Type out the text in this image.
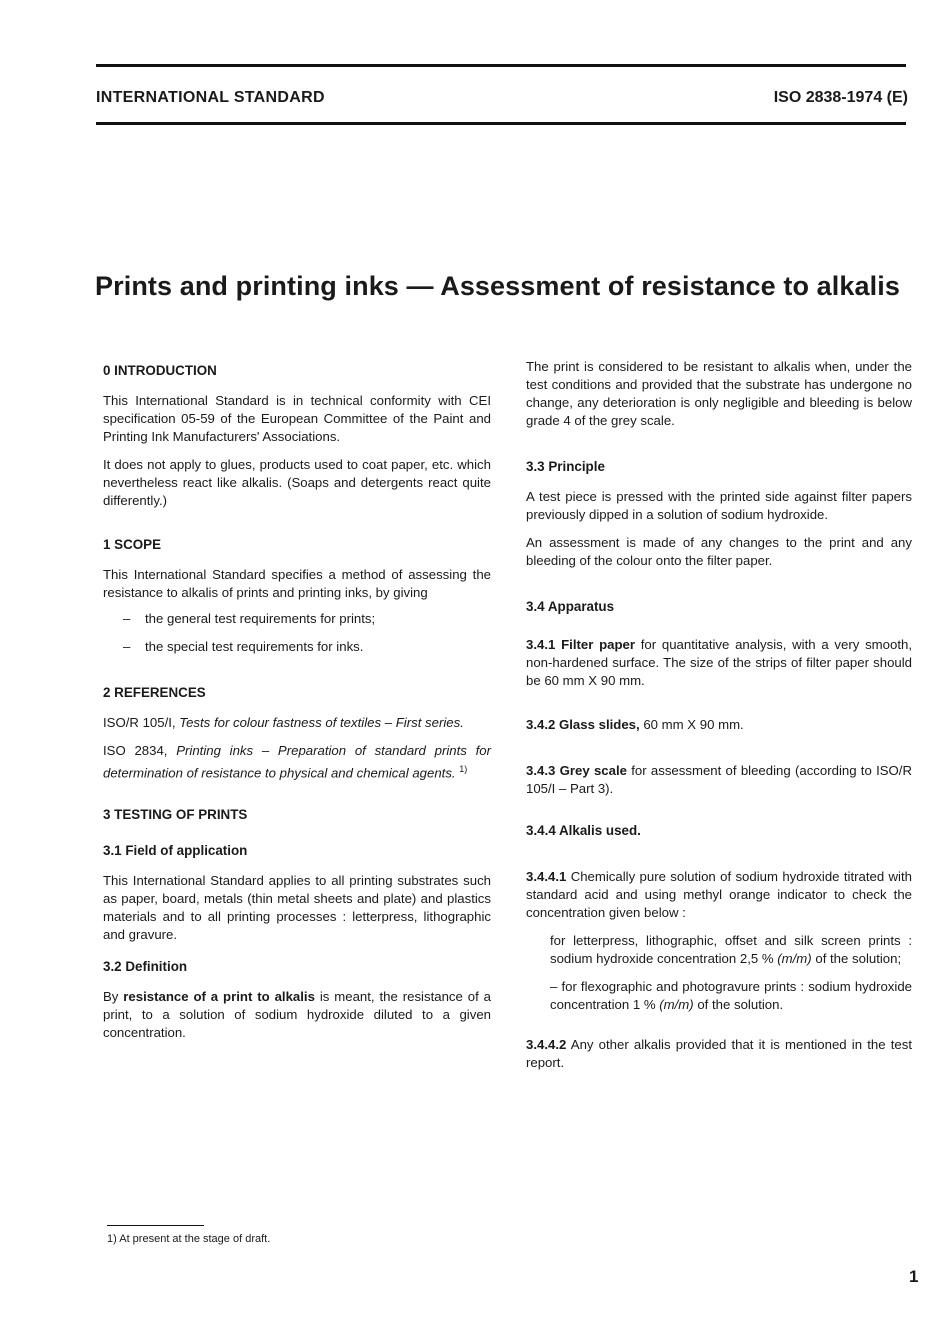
INTERNATIONAL STANDARD	ISO 2838-1974 (E)
Prints and printing inks — Assessment of resistance to alkalis
0 INTRODUCTION

This International Standard is in technical conformity with CEI specification 05-59 of the European Committee of the Paint and Printing Ink Manufacturers' Associations.

It does not apply to glues, products used to coat paper, etc. which nevertheless react like alkalis. (Soaps and detergents react quite differently.)

1 SCOPE

This International Standard specifies a method of assessing the resistance to alkalis of prints and printing inks, by giving

–	the general test requirements for prints;
–	the special test requirements for inks.
2 REFERENCES

ISO/R 105/I, Tests for colour fastness of textiles – First series.

ISO 2834, Printing inks – Preparation of standard prints for determination of resistance to physical and chemical agents. $^{1)}$

3 TESTING OF PRINTS
3.1 Field of application

This International Standard applies to all printing substrates such as paper, board, metals (thin metal sheets and plate) and plastics materials and to all printing processes : letterpress, lithographic and gravure.

3.2 Definition

By resistance of a print to alkalis is meant, the resistance of a print, to a solution of sodium hydroxide diluted to a given concentration.

The print is considered to be resistant to alkalis when, under the test conditions and provided that the substrate has undergone no change, any deterioration is only negligible and bleeding is below grade 4 of the grey scale.

3.3 Principle

A test piece is pressed with the printed side against filter papers previously dipped in a solution of sodium hydroxide.

An assessment is made of any changes to the print and any bleeding of the colour onto the filter paper.

3.4 Apparatus

3.4.1 Filter paper for quantitative analysis, with a very smooth, non-hardened surface. The size of the strips of filter paper should be 60 mm X 90 mm.

3.4.2 Glass slides, 60 mm X 90 mm.

3.4.3 Grey scale for assessment of bleeding (according to ISO/R 105/I – Part 3).

3.4.4 Alkalis used.

3.4.4.1 Chemically pure solution of sodium hydroxide titrated with standard acid and using methyl orange indicator to check the concentration given below :

for letterpress, lithographic, offset and silk screen prints : sodium hydroxide concentration 2,5 % (m/m) of the solution;

– for flexographic and photogravure prints : sodium hydroxide concentration 1 % (m/m) of the solution.

3.4.4.2 Any other alkalis provided that it is mentioned in the test report.

1) At present at the stage of draft.
1
